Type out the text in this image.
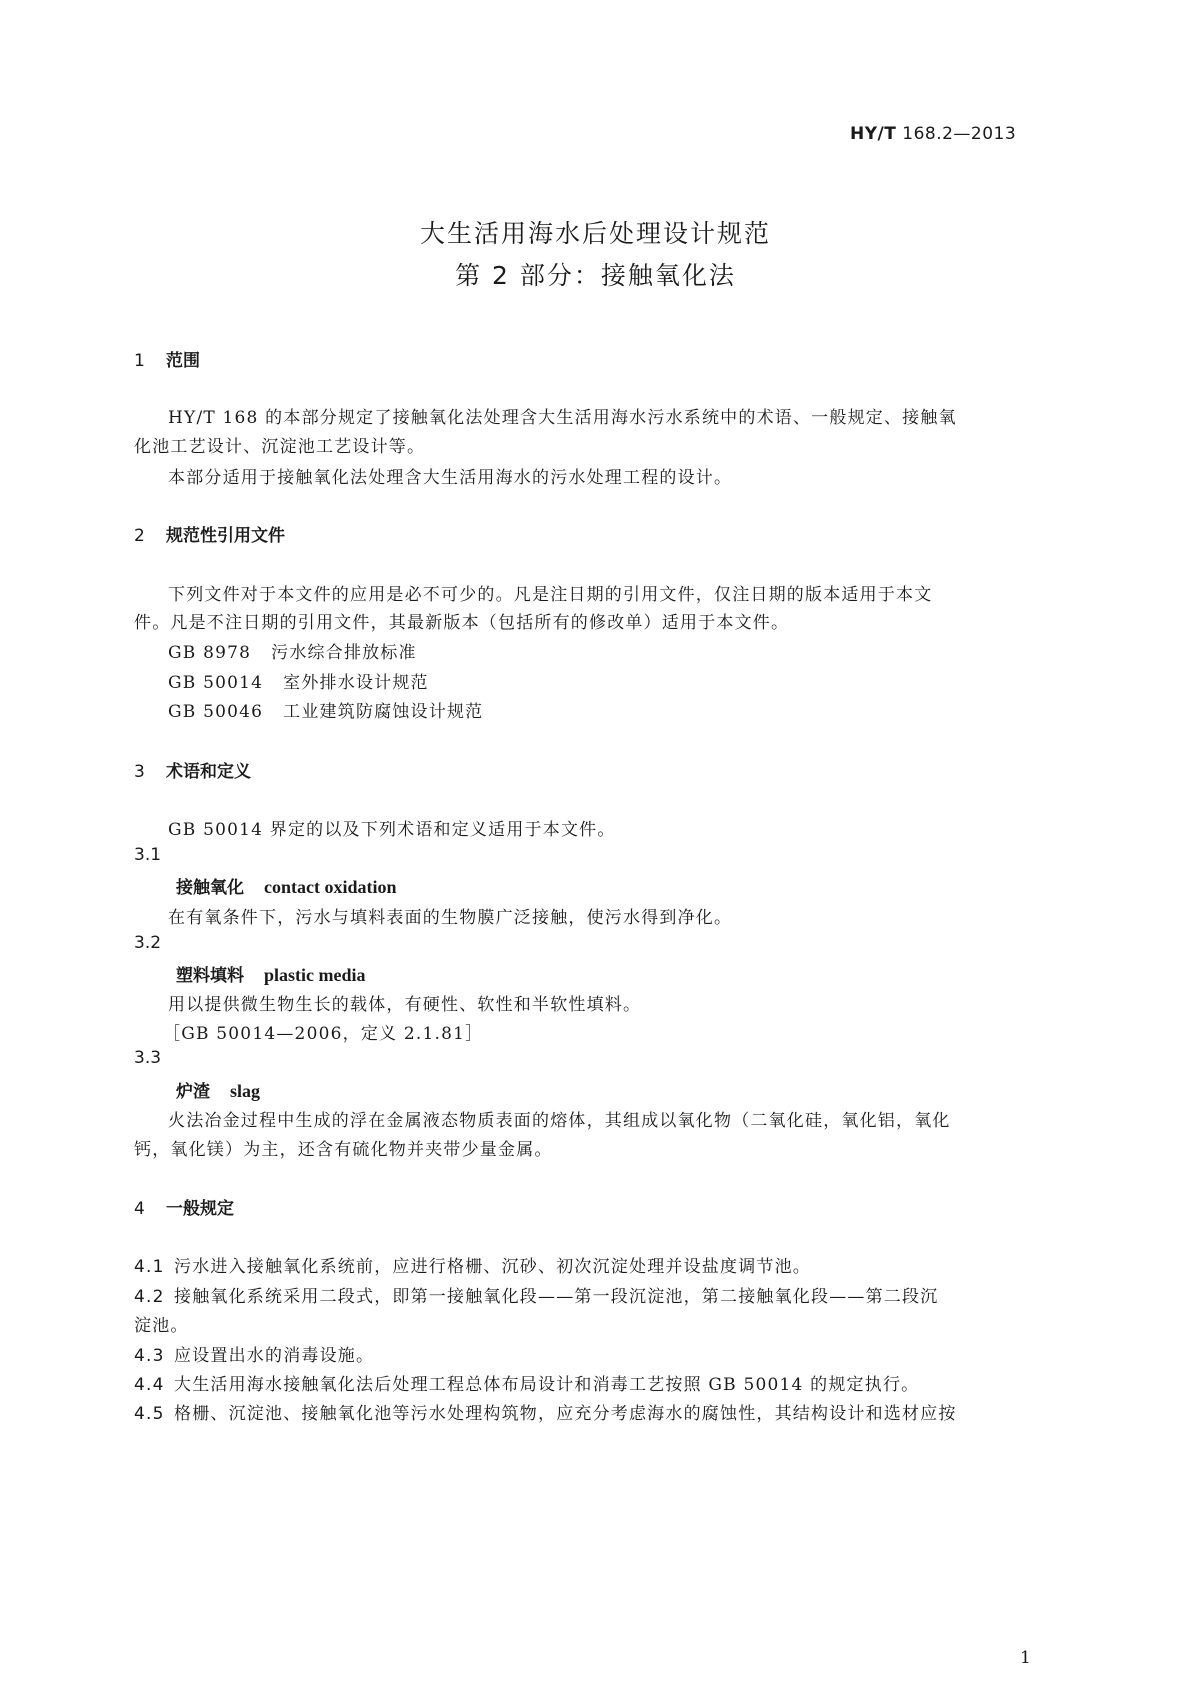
HY/T 168.2—2013
大生活用海水后处理设计规范
第 2 部分：接触氧化法
1 范围
HY/T 168 的本部分规定了接触氧化法处理含大生活用海水污水系统中的术语、一般规定、接触氧
化池工艺设计、沉淀池工艺设计等。
本部分适用于接触氧化法处理含大生活用海水的污水处理工程的设计。
2 规范性引用文件
下列文件对于本文件的应用是必不可少的。凡是注日期的引用文件，仅注日期的版本适用于本文
件。凡是不注日期的引用文件，其最新版本（包括所有的修改单）适用于本文件。
GB 8978 污水综合排放标准
GB 50014 室外排水设计规范
GB 50046 工业建筑防腐蚀设计规范
3 术语和定义
GB 50014 界定的以及下列术语和定义适用于本文件。
3.1
接触氧化 contact oxidation
在有氧条件下，污水与填料表面的生物膜广泛接触，使污水得到净化。
3.2
塑料填料 plastic media
用以提供微生物生长的载体，有硬性、软性和半软性填料。
［GB 50014—2006，定义 2.1.81］
3.3
炉渣 slag
火法冶金过程中生成的浮在金属液态物质表面的熔体，其组成以氧化物（二氧化硅，氧化铝，氧化
钙，氧化镁）为主，还含有硫化物并夹带少量金属。
4 一般规定
4.1 污水进入接触氧化系统前，应进行格栅、沉砂、初次沉淀处理并设盐度调节池。
4.2 接触氧化系统采用二段式，即第一接触氧化段——第一段沉淀池，第二接触氧化段——第二段沉
淀池。
4.3 应设置出水的消毒设施。
4.4 大生活用海水接触氧化法后处理工程总体布局设计和消毒工艺按照 GB 50014 的规定执行。
4.5 格栅、沉淀池、接触氧化池等污水处理构筑物，应充分考虑海水的腐蚀性，其结构设计和选材应按
1
